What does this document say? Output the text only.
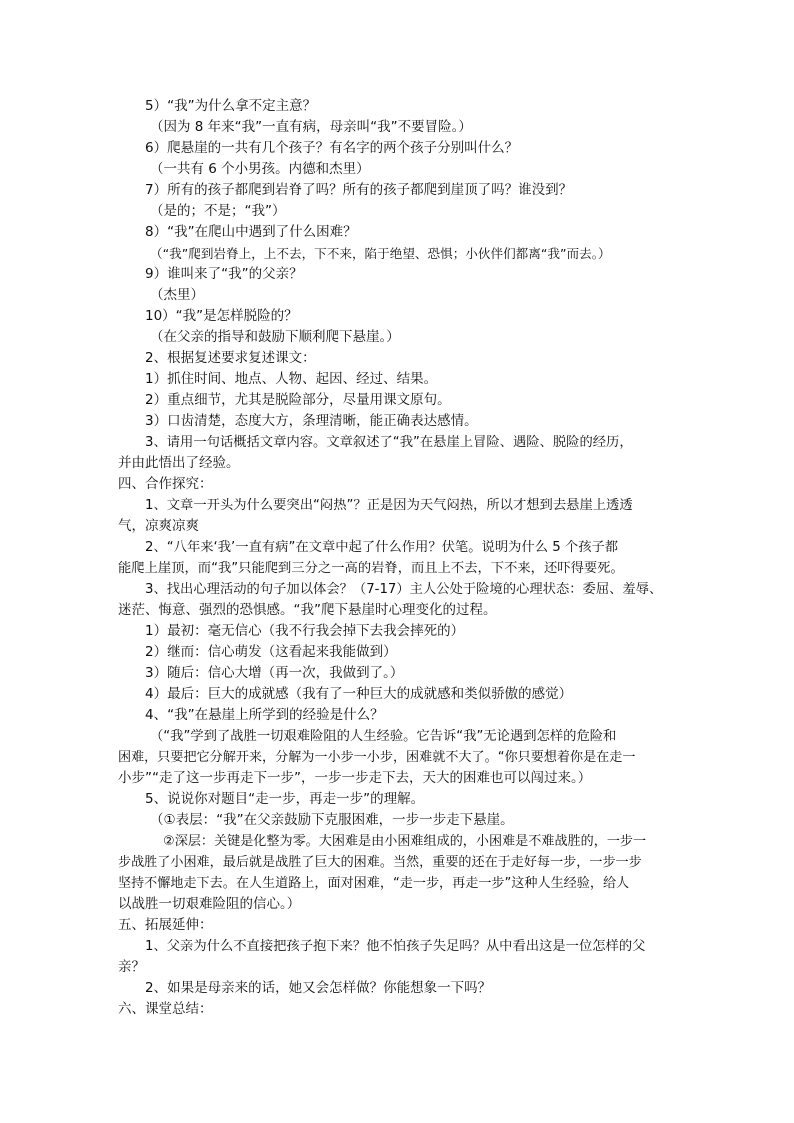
5）“我”为什么拿不定主意？
（因为 8 年来“我”一直有病，母亲叫“我”不要冒险。）
6）爬悬崖的一共有几个孩子？有名字的两个孩子分别叫什么？
（一共有 6 个小男孩。内德和杰里）
7）所有的孩子都爬到岩脊了吗？所有的孩子都爬到崖顶了吗？谁没到？
（是的；不是；“我”）
8）“我”在爬山中遇到了什么困难？
（“我”爬到岩脊上，上不去，下不来，陷于绝望、恐惧；小伙伴们都离“我”而去。）
9）谁叫来了“我”的父亲？
（杰里）
10）“我”是怎样脱险的？
（在父亲的指导和鼓励下顺利爬下悬崖。）
2、根据复述要求复述课文：
1）抓住时间、地点、人物、起因、经过、结果。
2）重点细节，尤其是脱险部分，尽量用课文原句。
3）口齿清楚，态度大方，条理清晰，能正确表达感情。
3、请用一句话概括文章内容。文章叙述了“我”在悬崖上冒险、遇险、脱险的经历，
并由此悟出了经验。
四、合作探究：
1、文章一开头为什么要突出“闷热”？正是因为天气闷热，所以才想到去悬崖上透透
气，凉爽凉爽
2、“八年来‘我’一直有病”在文章中起了什么作用？伏笔。说明为什么 5 个孩子都
能爬上崖顶，而“我”只能爬到三分之一高的岩脊，而且上不去，下不来，还吓得要死。
3、找出心理活动的句子加以体会？（7-17）主人公处于险境的心理状态：委屈、羞辱、
迷茫、悔意、强烈的恐惧感。“我”爬下悬崖时心理变化的过程。
1）最初：毫无信心（我不行我会掉下去我会摔死的）
2）继而：信心萌发（这看起来我能做到）
3）随后：信心大增（再一次，我做到了。）
4）最后：巨大的成就感（我有了一种巨大的成就感和类似骄傲的感觉）
4、“我”在悬崖上所学到的经验是什么？
（“我”学到了战胜一切艰难险阻的人生经验。它告诉“我”无论遇到怎样的危险和
困难，只要把它分解开来，分解为一小步一小步，困难就不大了。“你只要想着你是在走一
小步”“走了这一步再走下一步”，一步一步走下去，天大的困难也可以闯过来。）
5、说说你对题目“走一步，再走一步”的理解。
（①表层：“我”在父亲鼓励下克服困难，一步一步走下悬崖。
②深层：关键是化整为零。大困难是由小困难组成的，小困难是不难战胜的，一步一
步战胜了小困难，最后就是战胜了巨大的困难。当然，重要的还在于走好每一步，一步一步
坚持不懈地走下去。在人生道路上，面对困难，“走一步，再走一步”这种人生经验，给人
以战胜一切艰难险阻的信心。）
五、拓展延伸：
1、父亲为什么不直接把孩子抱下来？他不怕孩子失足吗？从中看出这是一位怎样的父
亲？
2、如果是母亲来的话，她又会怎样做？你能想象一下吗？
六、课堂总结：
